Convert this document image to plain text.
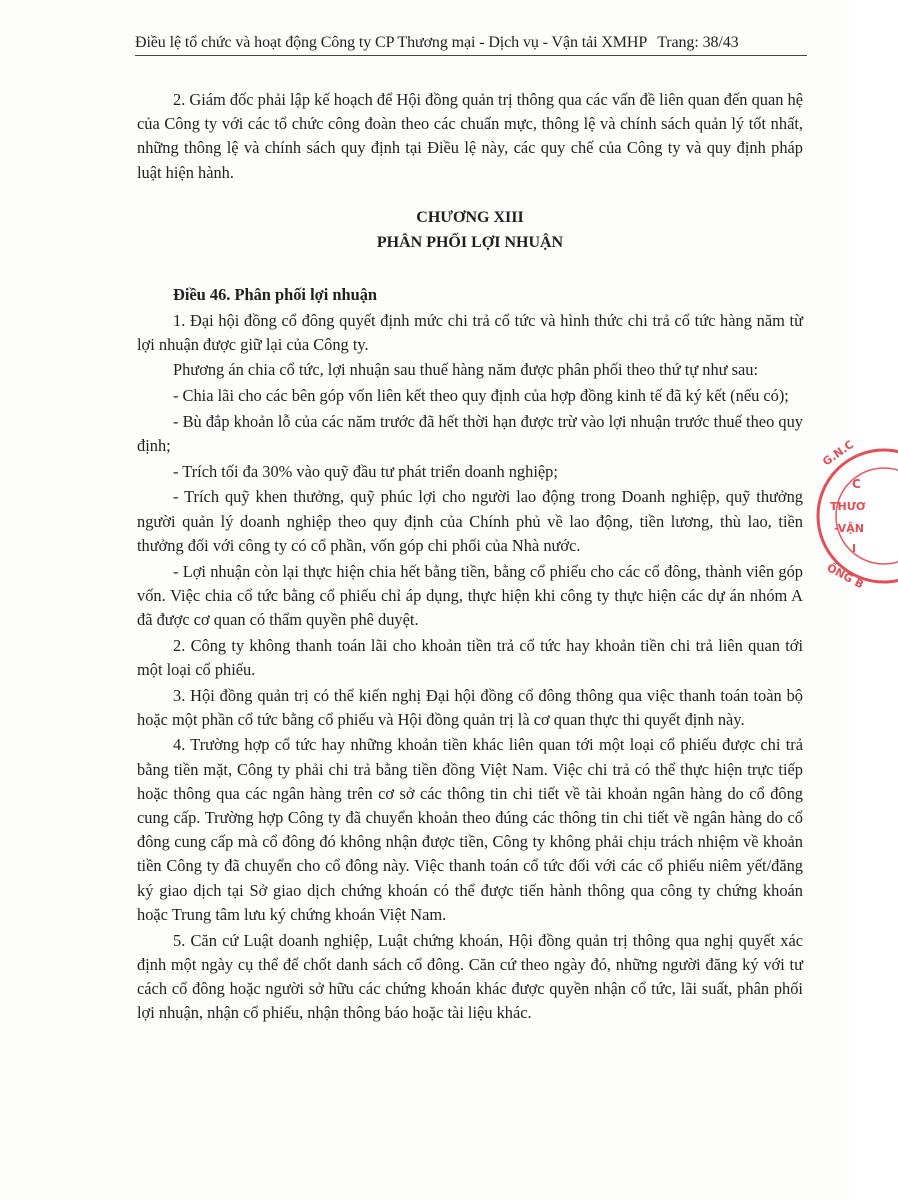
Điều lệ tổ chức và hoạt động Công ty CP Thương mại - Dịch vụ - Vận tải XMHP Trang: 38/43

2. Giám đốc phải lập kế hoạch để Hội đồng quản trị thông qua các vấn đề liên quan đến quan hệ của Công ty với các tổ chức công đoàn theo các chuẩn mực, thông lệ và chính sách quản lý tốt nhất, những thông lệ và chính sách quy định tại Điều lệ này, các quy chế của Công ty và quy định pháp luật hiện hành.

CHƯƠNG XIII
PHÂN PHỐI LỢI NHUẬN

Điều 46. Phân phối lợi nhuận

1. Đại hội đồng cổ đông quyết định mức chi trả cổ tức và hình thức chi trả cổ tức hàng năm từ lợi nhuận được giữ lại của Công ty.

Phương án chia cổ tức, lợi nhuận sau thuế hàng năm được phân phối theo thứ tự như sau:

- Chia lãi cho các bên góp vốn liên kết theo quy định của hợp đồng kinh tế đã ký kết (nếu có);

- Bù đắp khoản lỗ của các năm trước đã hết thời hạn được trừ vào lợi nhuận trước thuế theo quy định;

- Trích tối đa 30% vào quỹ đầu tư phát triển doanh nghiệp;

- Trích quỹ khen thưởng, quỹ phúc lợi cho người lao động trong Doanh nghiệp, quỹ thưởng người quản lý doanh nghiệp theo quy định của Chính phủ về lao động, tiền lương, thù lao, tiền thưởng đối với công ty có cổ phần, vốn góp chi phối của Nhà nước.

- Lợi nhuận còn lại thực hiện chia hết bằng tiền, bằng cổ phiếu cho các cổ đông, thành viên góp vốn. Việc chia cổ tức bằng cổ phiếu chỉ áp dụng, thực hiện khi công ty thực hiện các dự án nhóm A đã được cơ quan có thẩm quyền phê duyệt.

2. Công ty không thanh toán lãi cho khoản tiền trả cổ tức hay khoản tiền chi trả liên quan tới một loại cổ phiếu.

3. Hội đồng quản trị có thể kiến nghị Đại hội đồng cổ đông thông qua việc thanh toán toàn bộ hoặc một phần cổ tức bằng cổ phiếu và Hội đồng quản trị là cơ quan thực thi quyết định này.

4. Trường hợp cổ tức hay những khoản tiền khác liên quan tới một loại cổ phiếu được chi trả bằng tiền mặt, Công ty phải chi trả bằng tiền đồng Việt Nam. Việc chi trả có thể thực hiện trực tiếp hoặc thông qua các ngân hàng trên cơ sở các thông tin chi tiết về tài khoản ngân hàng do cổ đông cung cấp. Trường hợp Công ty đã chuyển khoản theo đúng các thông tin chi tiết về ngân hàng do cổ đông cung cấp mà cổ đông đó không nhận được tiền, Công ty không phải chịu trách nhiệm về khoản tiền Công ty đã chuyển cho cổ đông này. Việc thanh toán cổ tức đối với các cổ phiếu niêm yết/đăng ký giao dịch tại Sở giao dịch chứng khoán có thể được tiến hành thông qua công ty chứng khoán hoặc Trung tâm lưu ký chứng khoán Việt Nam.

5. Căn cứ Luật doanh nghiệp, Luật chứng khoán, Hội đồng quản trị thông qua nghị quyết xác định một ngày cụ thể để chốt danh sách cổ đông. Căn cứ theo ngày đó, những người đăng ký với tư cách cổ đông hoặc người sở hữu các chứng khoán khác được quyền nhận cổ tức, lãi suất, phân phối lợi nhuận, nhận cổ phiếu, nhận thông báo hoặc tài liệu khác.

G.N.C
C
THƯƠ
-VẬN
I
ỐNG B
